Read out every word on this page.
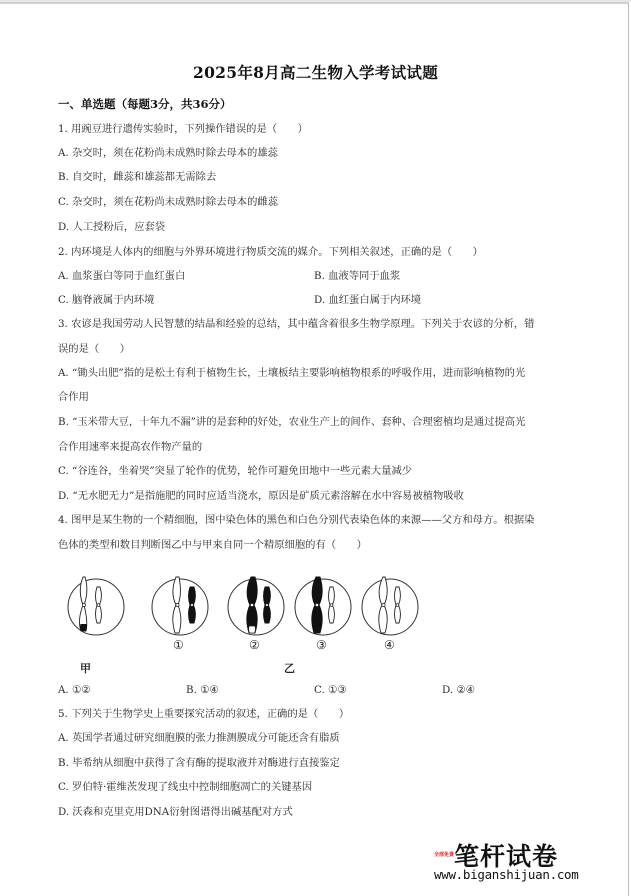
2025年8月高二生物入学考试试题
一、单选题（每题3分，共36分）
1. 用豌豆进行遗传实验时，下列操作错误的是（　　）
A. 杂交时，须在花粉尚未成熟时除去母本的雄蕊
B. 自交时，雌蕊和雄蕊都无需除去
C. 杂交时，须在花粉尚未成熟时除去母本的雌蕊
D. 人工授粉后，应套袋
2. 内环境是人体内的细胞与外界环境进行物质交流的媒介。下列相关叙述，正确的是（　　）
A. 血浆蛋白等同于血红蛋白	B. 血液等同于血浆
C. 脑脊液属于内环境	D. 血红蛋白属于内环境
3. 农谚是我国劳动人民智慧的结晶和经验的总结，其中蕴含着很多生物学原理。下列关于农谚的分析，错
误的是（　　）
A. “锄头出肥”指的是松土有利于植物生长，土壤板结主要影响植物根系的呼吸作用，进而影响植物的光
合作用
B. “玉米带大豆，十年九不漏”讲的是套种的好处，农业生产上的间作、套种、合理密植均是通过提高光
合作用速率来提高农作物产量的
C. “谷连谷，坐着哭”突显了轮作的优势，轮作可避免田地中一些元素大量减少
D. “无水肥无力”是指施肥的同时应适当浇水，原因是矿质元素溶解在水中容易被植物吸收
4. 图甲是某生物的一个精细胞，图中染色体的黑色和白色分别代表染色体的来源——父方和母方。根据染
色体的类型和数目判断图乙中与甲来自同一个精原细胞的有（　　）
①	②	③	④
甲	乙
A. ①②	B. ①④	C. ①③	D. ②④
5. 下列关于生物学史上重要探究活动的叙述，正确的是（　　）
A. 英国学者通过研究细胞膜的张力推测膜成分可能还含有脂质
B. 毕希纳从细胞中获得了含有酶的提取液并对酶进行直接鉴定
C. 罗伯特·霍维茨发现了线虫中控制细胞凋亡的关键基因
D. 沃森和克里克用DNA衍射图谱得出碱基配对方式
笔杆试卷
全部免费
www.biganshijuan.com
